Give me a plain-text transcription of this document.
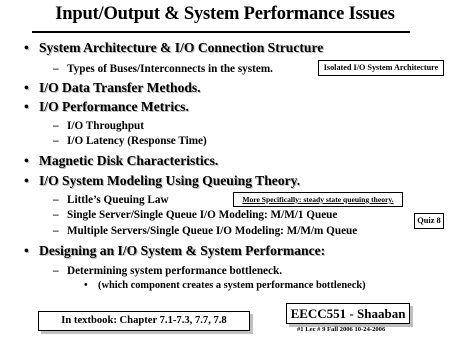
Input/Output & System Performance Issues
• System Architecture & I/O Connection Structure
– Types of Buses/Interconnects in the system.
• I/O Data Transfer Methods.
• I/O Performance Metrics.
– I/O Throughput
– I/O Latency (Response Time)
• Magnetic Disk Characteristics.
• I/O System Modeling Using Queuing Theory.
– Little’s Queuing Law
– Single Server/Single Queue I/O Modeling: M/M/1 Queue
– Multiple Servers/Single Queue I/O Modeling: M/M/m Queue
• Designing an I/O System & System Performance:
– Determining system performance bottleneck.
• (which component creates a system performance bottleneck)
Isolated I/O System Architecture
More Specifically: steady state queuing theory.
Quiz 8
In textbook: Chapter 7.1-7.3, 7.7, 7.8	EECC551 - Shaaban
#1 Lec # 9 Fall 2006 10-24-2006
